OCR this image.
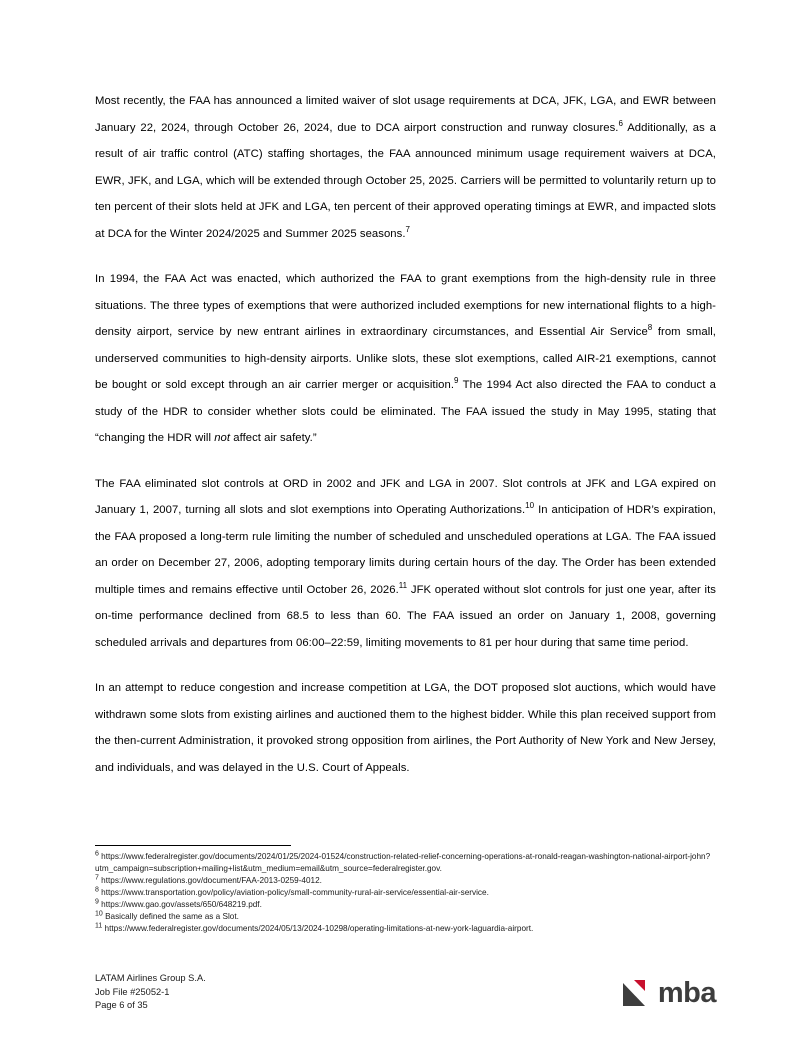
Most recently, the FAA has announced a limited waiver of slot usage requirements at DCA, JFK, LGA, and EWR between January 22, 2024, through October 26, 2024, due to DCA airport construction and runway closures.$^6$ Additionally, as a result of air traffic control (ATC) staffing shortages, the FAA announced minimum usage requirement waivers at DCA, EWR, JFK, and LGA, which will be extended through October 25, 2025. Carriers will be permitted to voluntarily return up to ten percent of their slots held at JFK and LGA, ten percent of their approved operating timings at EWR, and impacted slots at DCA for the Winter 2024/2025 and Summer 2025 seasons.$^7$

In 1994, the FAA Act was enacted, which authorized the FAA to grant exemptions from the high-density rule in three situations. The three types of exemptions that were authorized included exemptions for new international flights to a high-density airport, service by new entrant airlines in extraordinary circumstances, and Essential Air Service$^8$ from small, underserved communities to high-density airports. Unlike slots, these slot exemptions, called AIR-21 exemptions, cannot be bought or sold except through an air carrier merger or acquisition.$^9$ The 1994 Act also directed the FAA to conduct a study of the HDR to consider whether slots could be eliminated. The FAA issued the study in May 1995, stating that “changing the HDR will not affect air safety.”

The FAA eliminated slot controls at ORD in 2002 and JFK and LGA in 2007. Slot controls at JFK and LGA expired on January 1, 2007, turning all slots and slot exemptions into Operating Authorizations.$^{10}$ In anticipation of HDR’s expiration, the FAA proposed a long-term rule limiting the number of scheduled and unscheduled operations at LGA. The FAA issued an order on December 27, 2006, adopting temporary limits during certain hours of the day. The Order has been extended multiple times and remains effective until October 26, 2026.11 JFK operated without slot controls for just one year, after its on-time performance declined from 68.5 to less than 60. The FAA issued an order on January 1, 2008, governing scheduled arrivals and departures from 06:00–22:59, limiting movements to 81 per hour during that same time period.

In an attempt to reduce congestion and increase competition at LGA, the DOT proposed slot auctions, which would have withdrawn some slots from existing airlines and auctioned them to the highest bidder. While this plan received support from the then-current Administration, it provoked strong opposition from airlines, the Port Authority of New York and New Jersey, and individuals, and was delayed in the U.S. Court of Appeals.

$^6$ https://www.federalregister.gov/documents/2024/01/25/2024-01524/construction-related-relief-concerning-operations-at-ronald-reagan-washington-national-airport-john?utm_campaign=subscription+mailing+list&utm_medium=email&utm_source=federalregister.gov.

$^7$ https://www.regulations.gov/document/FAA-2013-0259-4012.

$^8$ https://www.transportation.gov/policy/aviation-policy/small-community-rural-air-service/essential-air-service.

$^9$ https://www.gao.gov/assets/650/648219.pdf.

$^{10}$ Basically defined the same as a Slot.

$^{11}$ https://www.federalregister.gov/documents/2024/05/13/2024-10298/operating-limitations-at-new-york-laguardia-airport.

LATAM Airlines Group S.A.
Job File #25052-1
Page 6 of 35	mba
